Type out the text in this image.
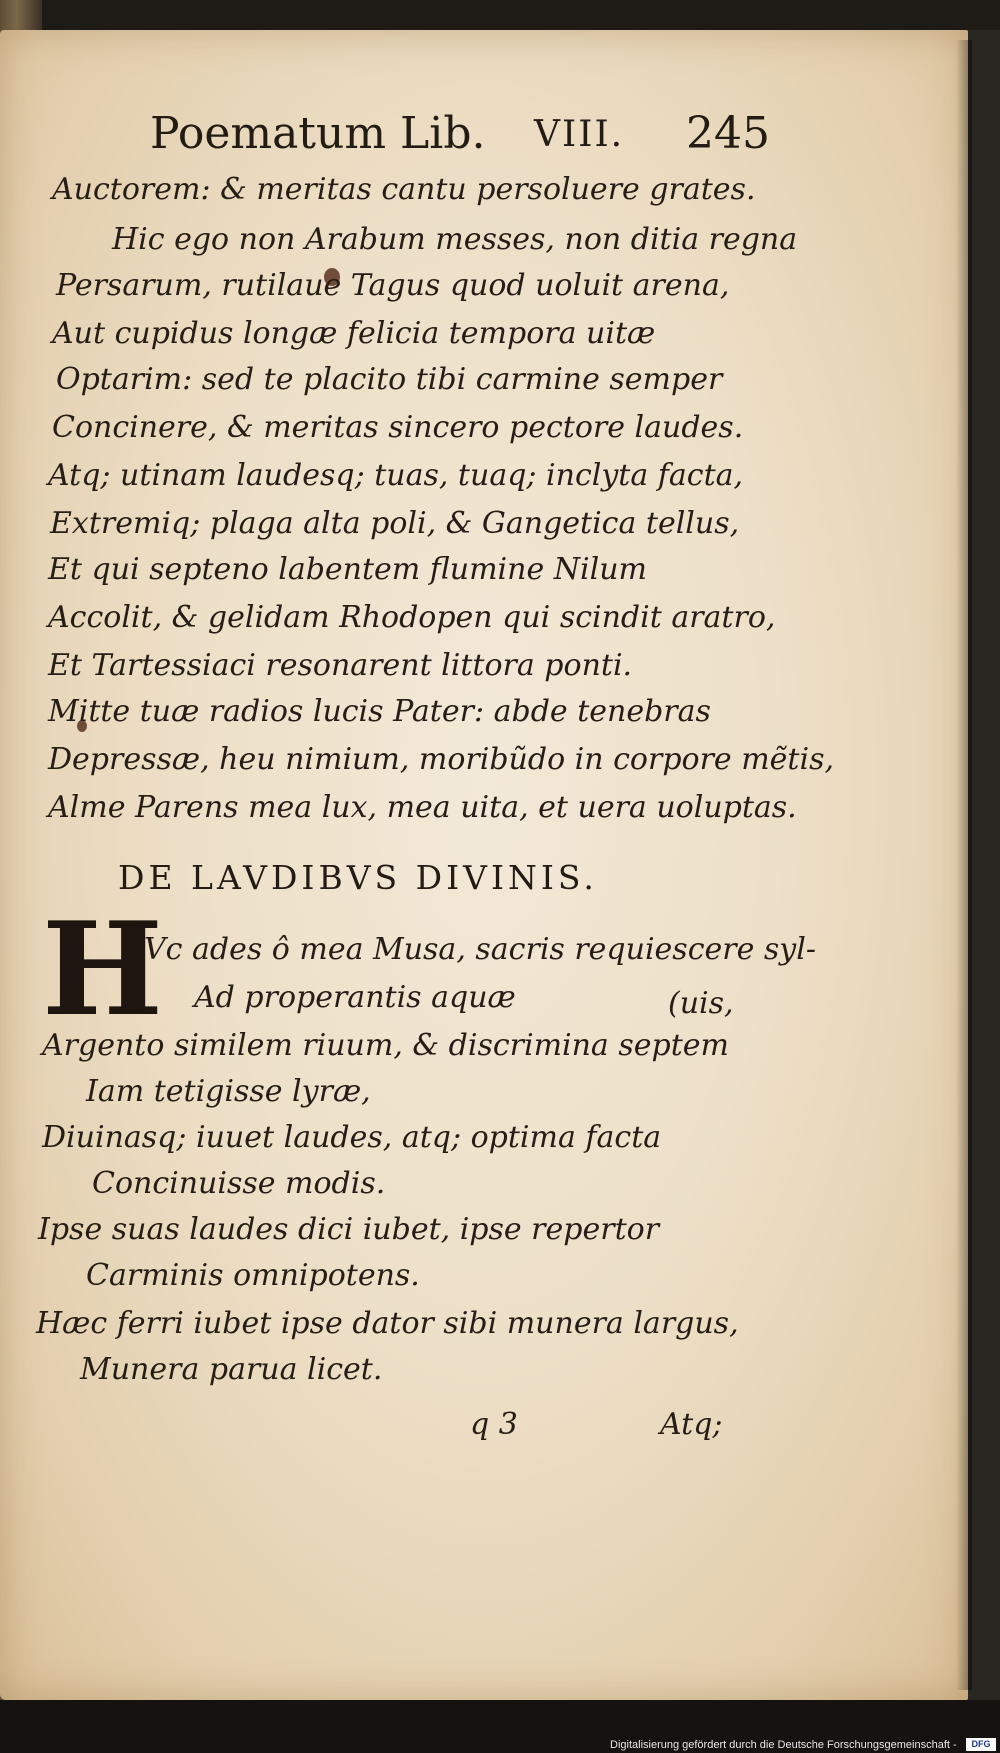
Poematum Lib. VIII. 245
Auctorem: & meritas cantu persoluere grates.
Hic ego non Arabum messes, non ditia regna
Persarum, rutilaue Tagus quod uoluit arena,
Aut cupidus longæ felicia tempora uitæ
Optarim: sed te placito tibi carmine semper
Concinere, & meritas sincero pectore laudes.
Atq; utinam laudesq; tuas, tuaq; inclyta facta,
Extremiq; plaga alta poli, & Gangetica tellus,
Et qui septeno labentem flumine Nilum
Accolit, & gelidam Rhodopen qui scindit aratro,
Et Tartessiaci resonarent littora ponti.
Mitte tuæ radios lucis Pater: abde tenebras
Depressæ, heu nimium, moribũdo in corpore mẽtis,
Alme Parens mea lux, mea uita, et uera uoluptas.
DE LAVDIBVS DIVINIS.
H
Vc ades ô mea Musa, sacris requiescere syl-
Ad properantis aquæ	(uis,
Argento similem riuum, & discrimina septem
Iam tetigisse lyræ,
Diuinasq; iuuet laudes, atq; optima facta
Concinuisse modis.
Ipse suas laudes dici iubet, ipse repertor
Carminis omnipotens.
Hæc ferri iubet ipse dator sibi munera largus,
Munera parua licet.
q 3	Atq;
Digitalisierung gefördert durch die Deutsche Forschungsgemeinschaft -	DFG
